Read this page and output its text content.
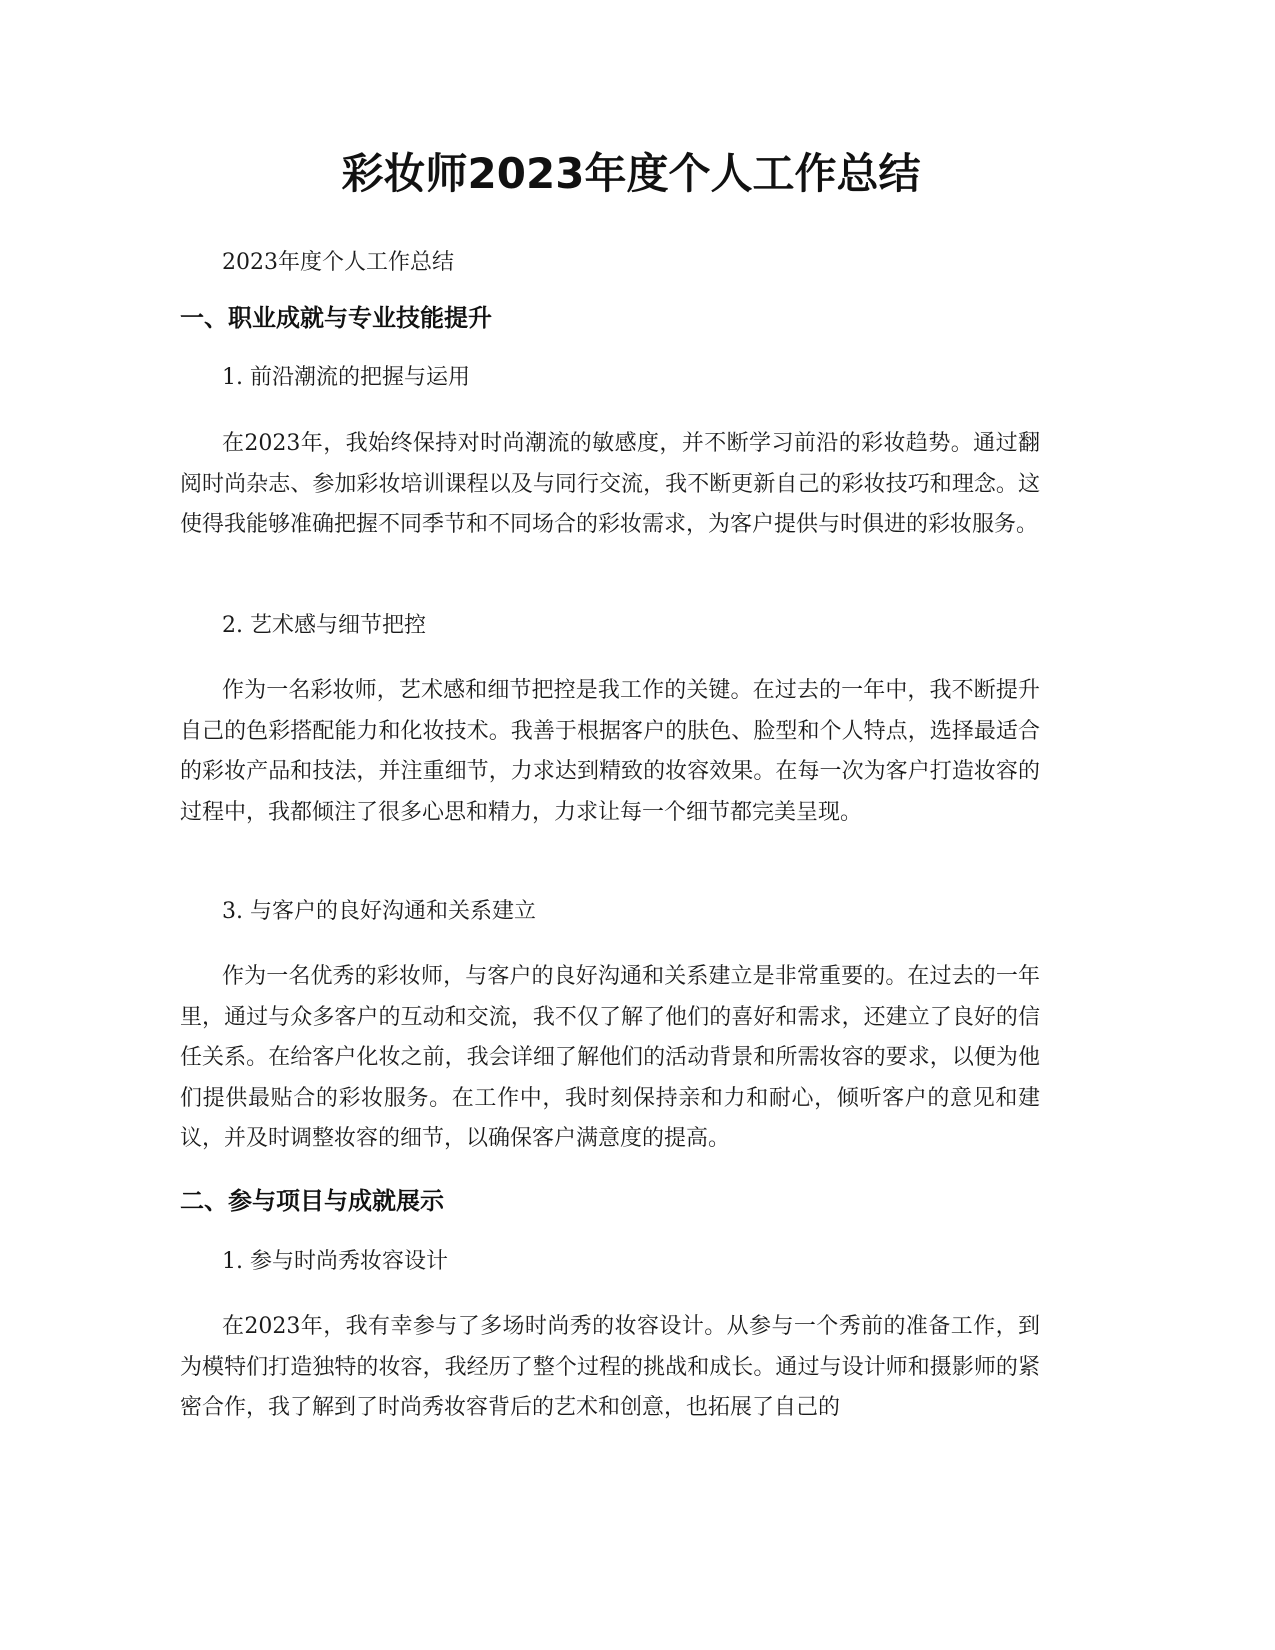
彩妆师2023年度个人工作总结
2023年度个人工作总结
一、职业成就与专业技能提升
1. 前沿潮流的把握与运用

在2023年，我始终保持对时尚潮流的敏感度，并不断学习前沿的彩妆趋势。通过翻阅时尚杂志、参加彩妆培训课程以及与同行交流，我不断更新自己的彩妆技巧和理念。这使得我能够准确把握不同季节和不同场合的彩妆需求，为客户提供与时俱进的彩妆服务。

2. 艺术感与细节把控

作为一名彩妆师，艺术感和细节把控是我工作的关键。在过去的一年中，我不断提升自己的色彩搭配能力和化妆技术。我善于根据客户的肤色、脸型和个人特点，选择最适合的彩妆产品和技法，并注重细节，力求达到精致的妆容效果。在每一次为客户打造妆容的过程中，我都倾注了很多心思和精力，力求让每一个细节都完美呈现。

3. 与客户的良好沟通和关系建立

作为一名优秀的彩妆师，与客户的良好沟通和关系建立是非常重要的。在过去的一年里，通过与众多客户的互动和交流，我不仅了解了他们的喜好和需求，还建立了良好的信任关系。在给客户化妆之前，我会详细了解他们的活动背景和所需妆容的要求，以便为他们提供最贴合的彩妆服务。在工作中，我时刻保持亲和力和耐心，倾听客户的意见和建议，并及时调整妆容的细节，以确保客户满意度的提高。

二、参与项目与成就展示
1. 参与时尚秀妆容设计

在2023年，我有幸参与了多场时尚秀的妆容设计。从参与一个秀前的准备工作，到为模特们打造独特的妆容，我经历了整个过程的挑战和成长。通过与设计师和摄影师的紧密合作，我了解到了时尚秀妆容背后的艺术和创意，也拓展了自己的
